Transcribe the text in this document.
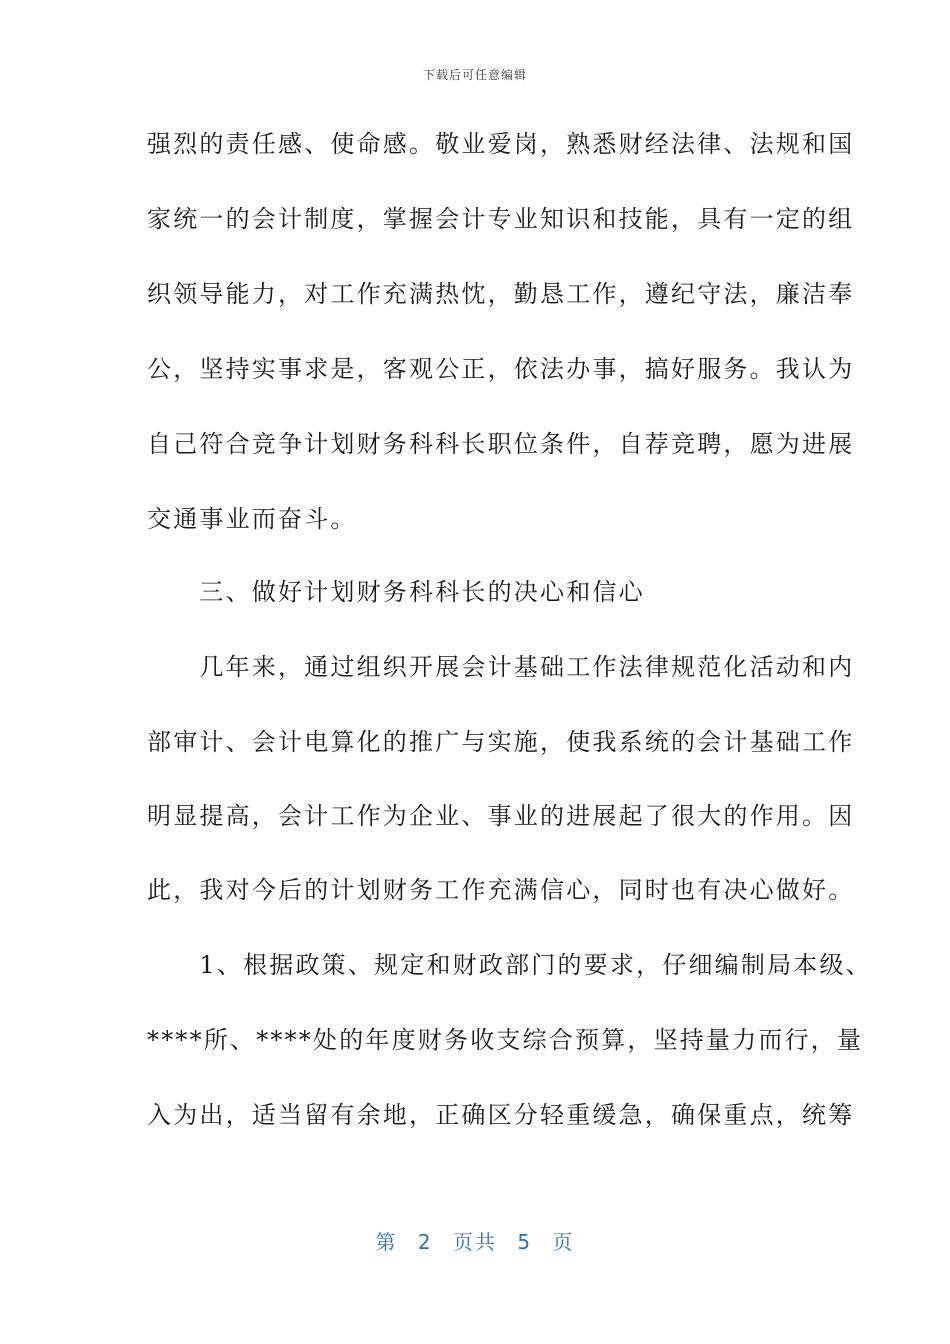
下载后可任意编辑
强烈的责任感、使命感。敬业爱岗，熟悉财经法律、法规和国
家统一的会计制度，掌握会计专业知识和技能，具有一定的组
织领导能力，对工作充满热忱，勤恳工作，遵纪守法，廉洁奉
公，坚持实事求是，客观公正，依法办事，搞好服务。我认为
自己符合竞争计划财务科科长职位条件，自荐竞聘，愿为进展
交通事业而奋斗。
　　三、做好计划财务科科长的决心和信心
　　几年来，通过组织开展会计基础工作法律规范化活动和内
部审计、会计电算化的推广与实施，使我系统的会计基础工作
明显提高，会计工作为企业、事业的进展起了很大的作用。因
此，我对今后的计划财务工作充满信心，同时也有决心做好。
　　1、根据政策、规定和财政部门的要求，仔细编制局本级、
****所、****处的年度财务收支综合预算，坚持量力而行，量
入为出，适当留有余地，正确区分轻重缓急，确保重点，统筹
第 2 页共 5 页
